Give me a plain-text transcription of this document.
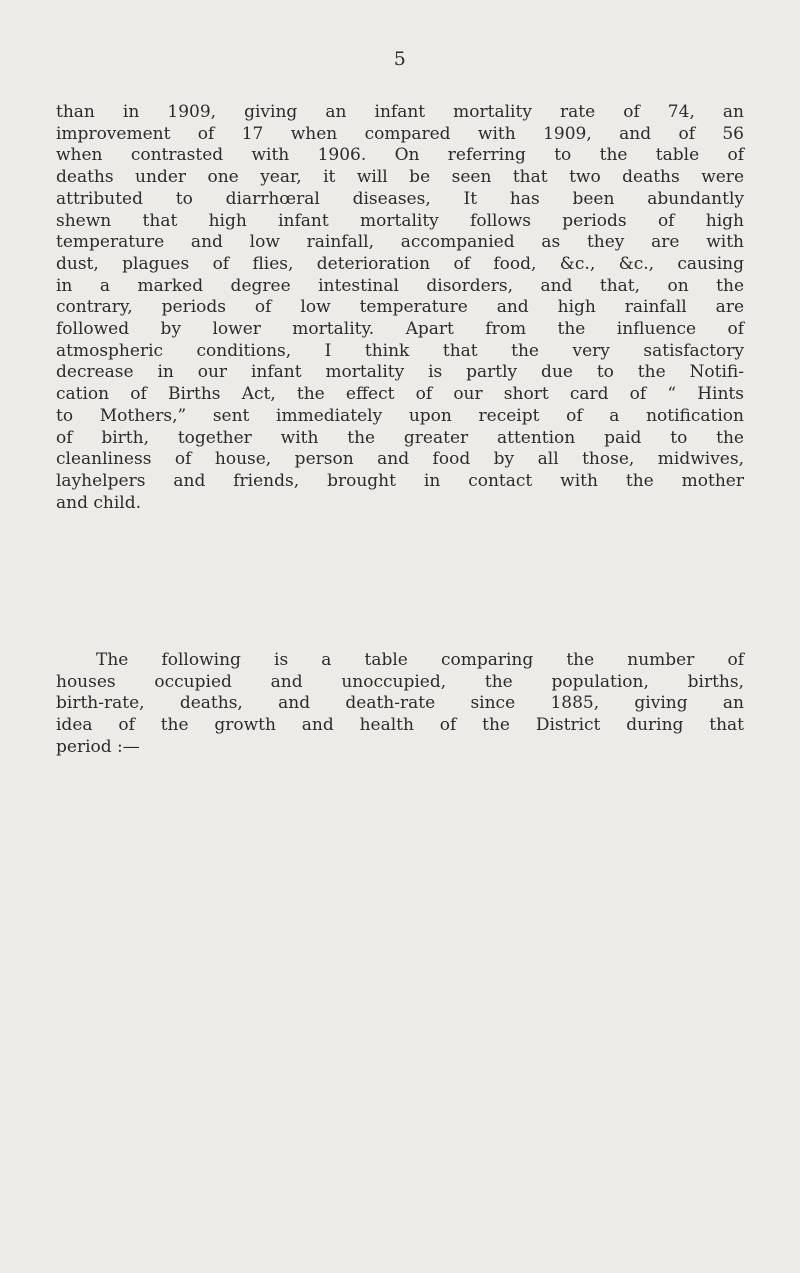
5
than in 1909, giving an infant mortality rate of 74, an
improvement of 17 when compared with 1909, and of 56
when contrasted with 1906. On referring to the table of
deaths under one year, it will be seen that two deaths were
attributed to diarrhœral diseases, It has been abundantly
shewn that high infant mortality follows periods of high
temperature and low rainfall, accompanied as they are with
dust, plagues of flies, deterioration of food, &c., &c., causing
in a marked degree intestinal disorders, and that, on the
contrary, periods of low temperature and high rainfall are
followed by lower mortality. Apart from the influence of
atmospheric conditions, I think that the very satisfactory
decrease in our infant mortality is partly due to the Notifi-
cation of Births Act, the effect of our short card of “ Hints
to Mothers,” sent immediately upon receipt of a notification
of birth, together with the greater attention paid to the
cleanliness of house, person and food by all those, midwives,
layhelpers and friends, brought in contact with the mother
and child.
The following is a table comparing the number of
houses occupied and unoccupied, the population, births,
birth-rate, deaths, and death-rate since 1885, giving an
idea of the growth and health of the District during that
period :—
